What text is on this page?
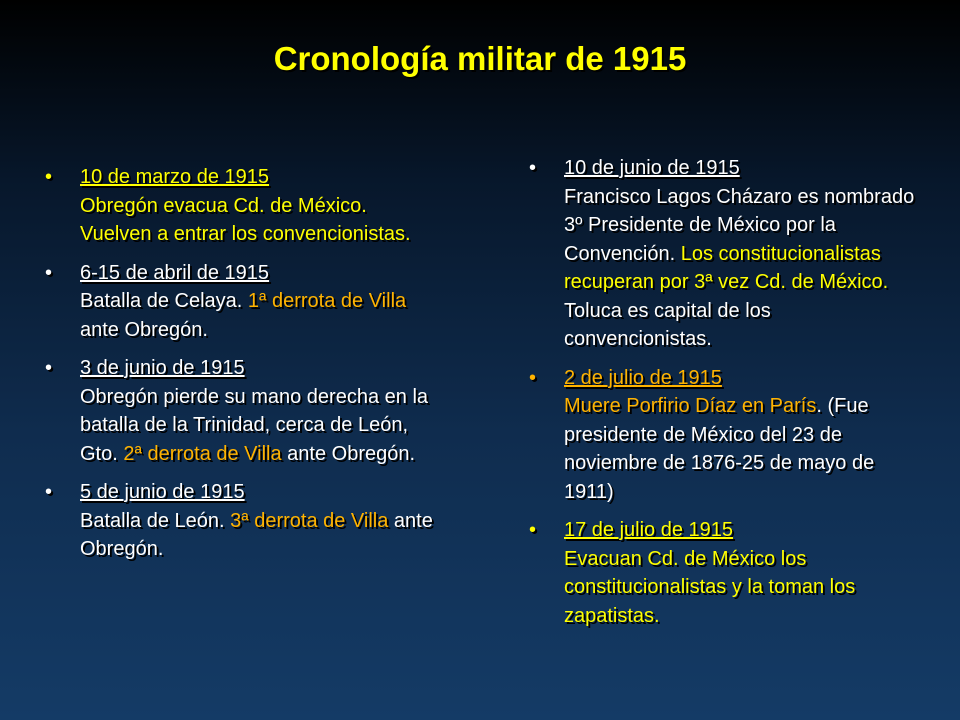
Cronología militar de 1915
• 10 de marzo de 1915
Obregón evacua Cd. de México. Vuelven a entrar los convencionistas.
• 6-15 de abril de 1915
Batalla de Celaya. 1ª derrota de Villa ante Obregón.
• 3 de junio de 1915
Obregón pierde su mano derecha en la batalla de la Trinidad, cerca de León, Gto. 2ª derrota de Villa ante Obregón.
• 5 de junio de 1915
Batalla de León. 3ª derrota de Villa ante Obregón.
• 10 de junio de 1915
Francisco Lagos Cházaro es nombrado 3º Presidente de México por la Convención. Los constitucionalistas recuperan por 3ª vez Cd. de México. Toluca es capital de los convencionistas.
• 2 de julio de 1915
Muere Porfirio Díaz en París. (Fue presidente de México del 23 de noviembre de 1876-25 de mayo de 1911)
• 17 de julio de 1915
Evacuan Cd. de México los constitucionalistas y la toman los zapatistas.
